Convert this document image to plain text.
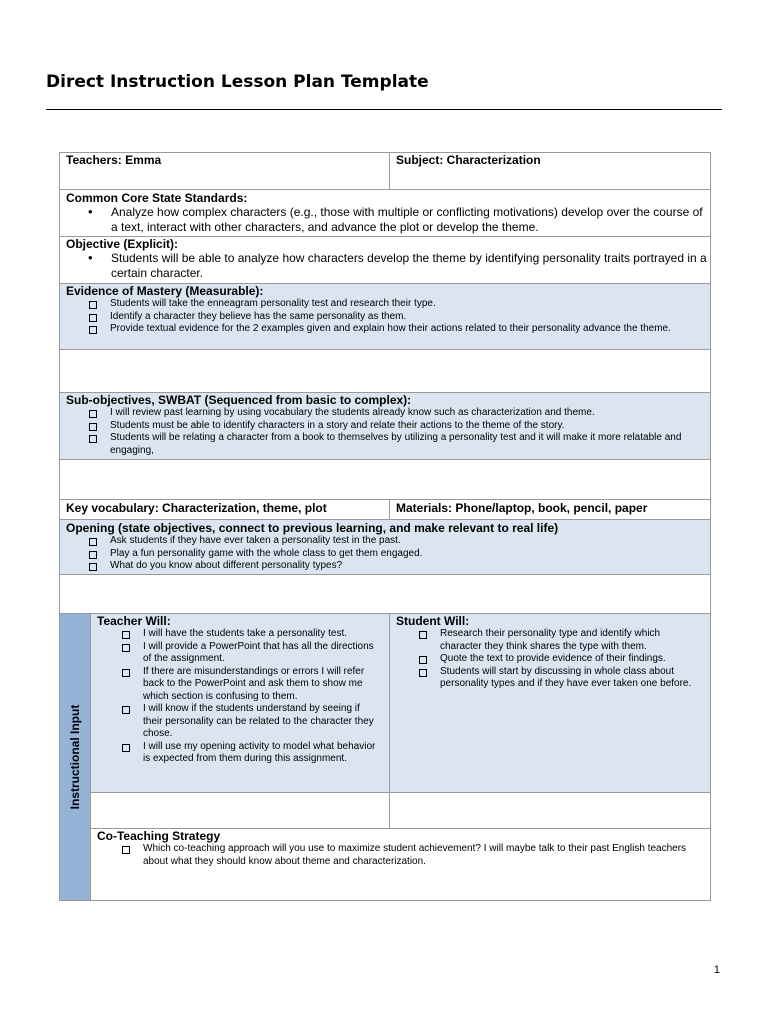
Direct Instruction Lesson Plan Template
Teachers: Emma	Subject: Characterization
Common Core State Standards:
• Analyze how complex characters (e.g., those with multiple or conflicting motivations) develop over the course of a text, interact with other characters, and advance the plot or develop the theme.
Objective (Explicit):
• Students will be able to analyze how characters develop the theme by identifying personality traits portrayed in a certain character.
Evidence of Mastery (Measurable):
Students will take the enneagram personality test and research their type.
Identify a character they believe has the same personality as them.
Provide textual evidence for the 2 examples given and explain how their actions related to their personality advance the theme.
Sub-objectives, SWBAT (Sequenced from basic to complex):
I will review past learning by using vocabulary the students already know such as characterization and theme.
Students must be able to identify characters in a story and relate their actions to the theme of the story.
Students will be relating a character from a book to themselves by utilizing a personality test and it will make it more relatable and engaging,
Key vocabulary: Characterization, theme, plot	Materials: Phone/laptop, book, pencil, paper
Opening (state objectives, connect to previous learning, and make relevant to real life)
Ask students if they have ever taken a personality test in the past.
Play a fun personality game with the whole class to get them engaged.
What do you know about different personality types?
Instructional Input
Teacher Will:
I will have the students take a personality test.
I will provide a PowerPoint that has all the directions of the assignment.
If there are misunderstandings or errors I will refer back to the PowerPoint and ask them to show me which section is confusing to them.
I will know if the students understand by seeing if their personality can be related to the character they chose.
I will use my opening activity to model what behavior is expected from them during this assignment.
Student Will:
Research their personality type and identify which character they think shares the type with them.
Quote the text to provide evidence of their findings.
Students will start by discussing in whole class about personality types and if they have ever taken one before.
Co-Teaching Strategy
Which co-teaching approach will you use to maximize student achievement? I will maybe talk to their past English teachers about what they should know about theme and characterization.
1
